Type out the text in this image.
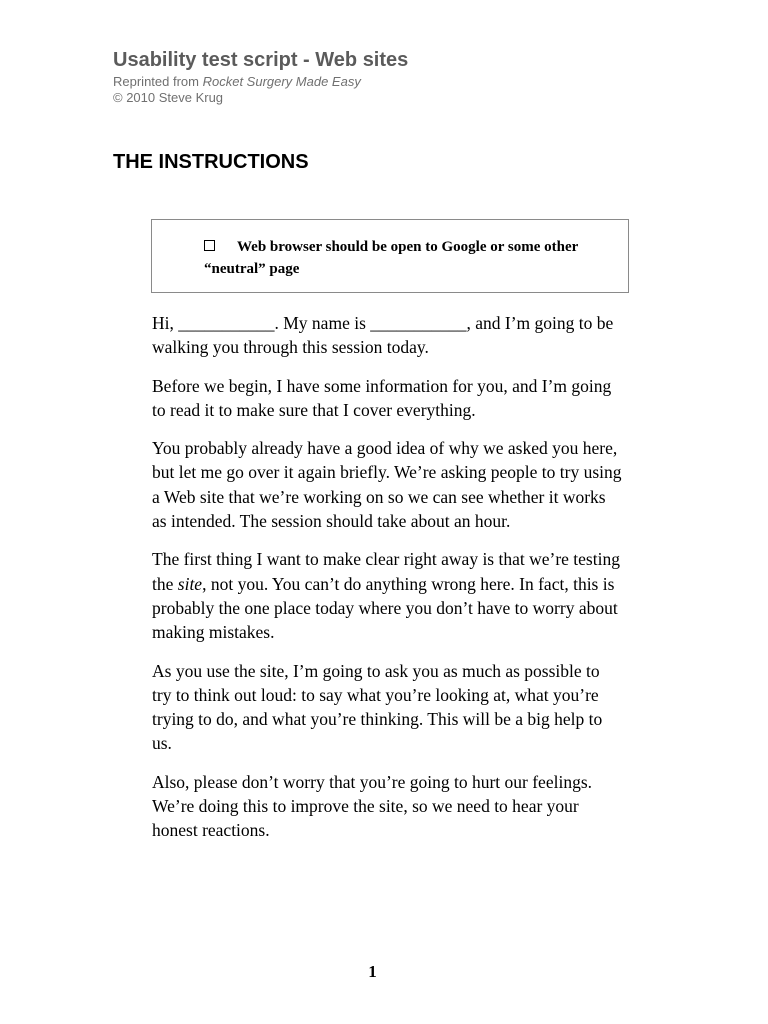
Usability test script - Web sites

Reprinted from Rocket Surgery Made Easy

© 2010 Steve Krug

THE INSTRUCTIONS
Web browser should be open to Google or some other “neutral” page

Hi, ___________. My name is ___________, and I’m going to be walking you through this session today.

Before we begin, I have some information for you, and I’m going to read it to make sure that I cover everything.

You probably already have a good idea of why we asked you here, but let me go over it again briefly. We’re asking people to try using a Web site that we’re working on so we can see whether it works as intended. The session should take about an hour.

The first thing I want to make clear right away is that we’re testing the site, not you. You can’t do anything wrong here. In fact, this is probably the one place today where you don’t have to worry about making mistakes.

As you use the site, I’m going to ask you as much as possible to try to think out loud: to say what you’re looking at, what you’re trying to do, and what you’re thinking. This will be a big help to us.

Also, please don’t worry that you’re going to hurt our feelings. We’re doing this to improve the site, so we need to hear your honest reactions.

1
